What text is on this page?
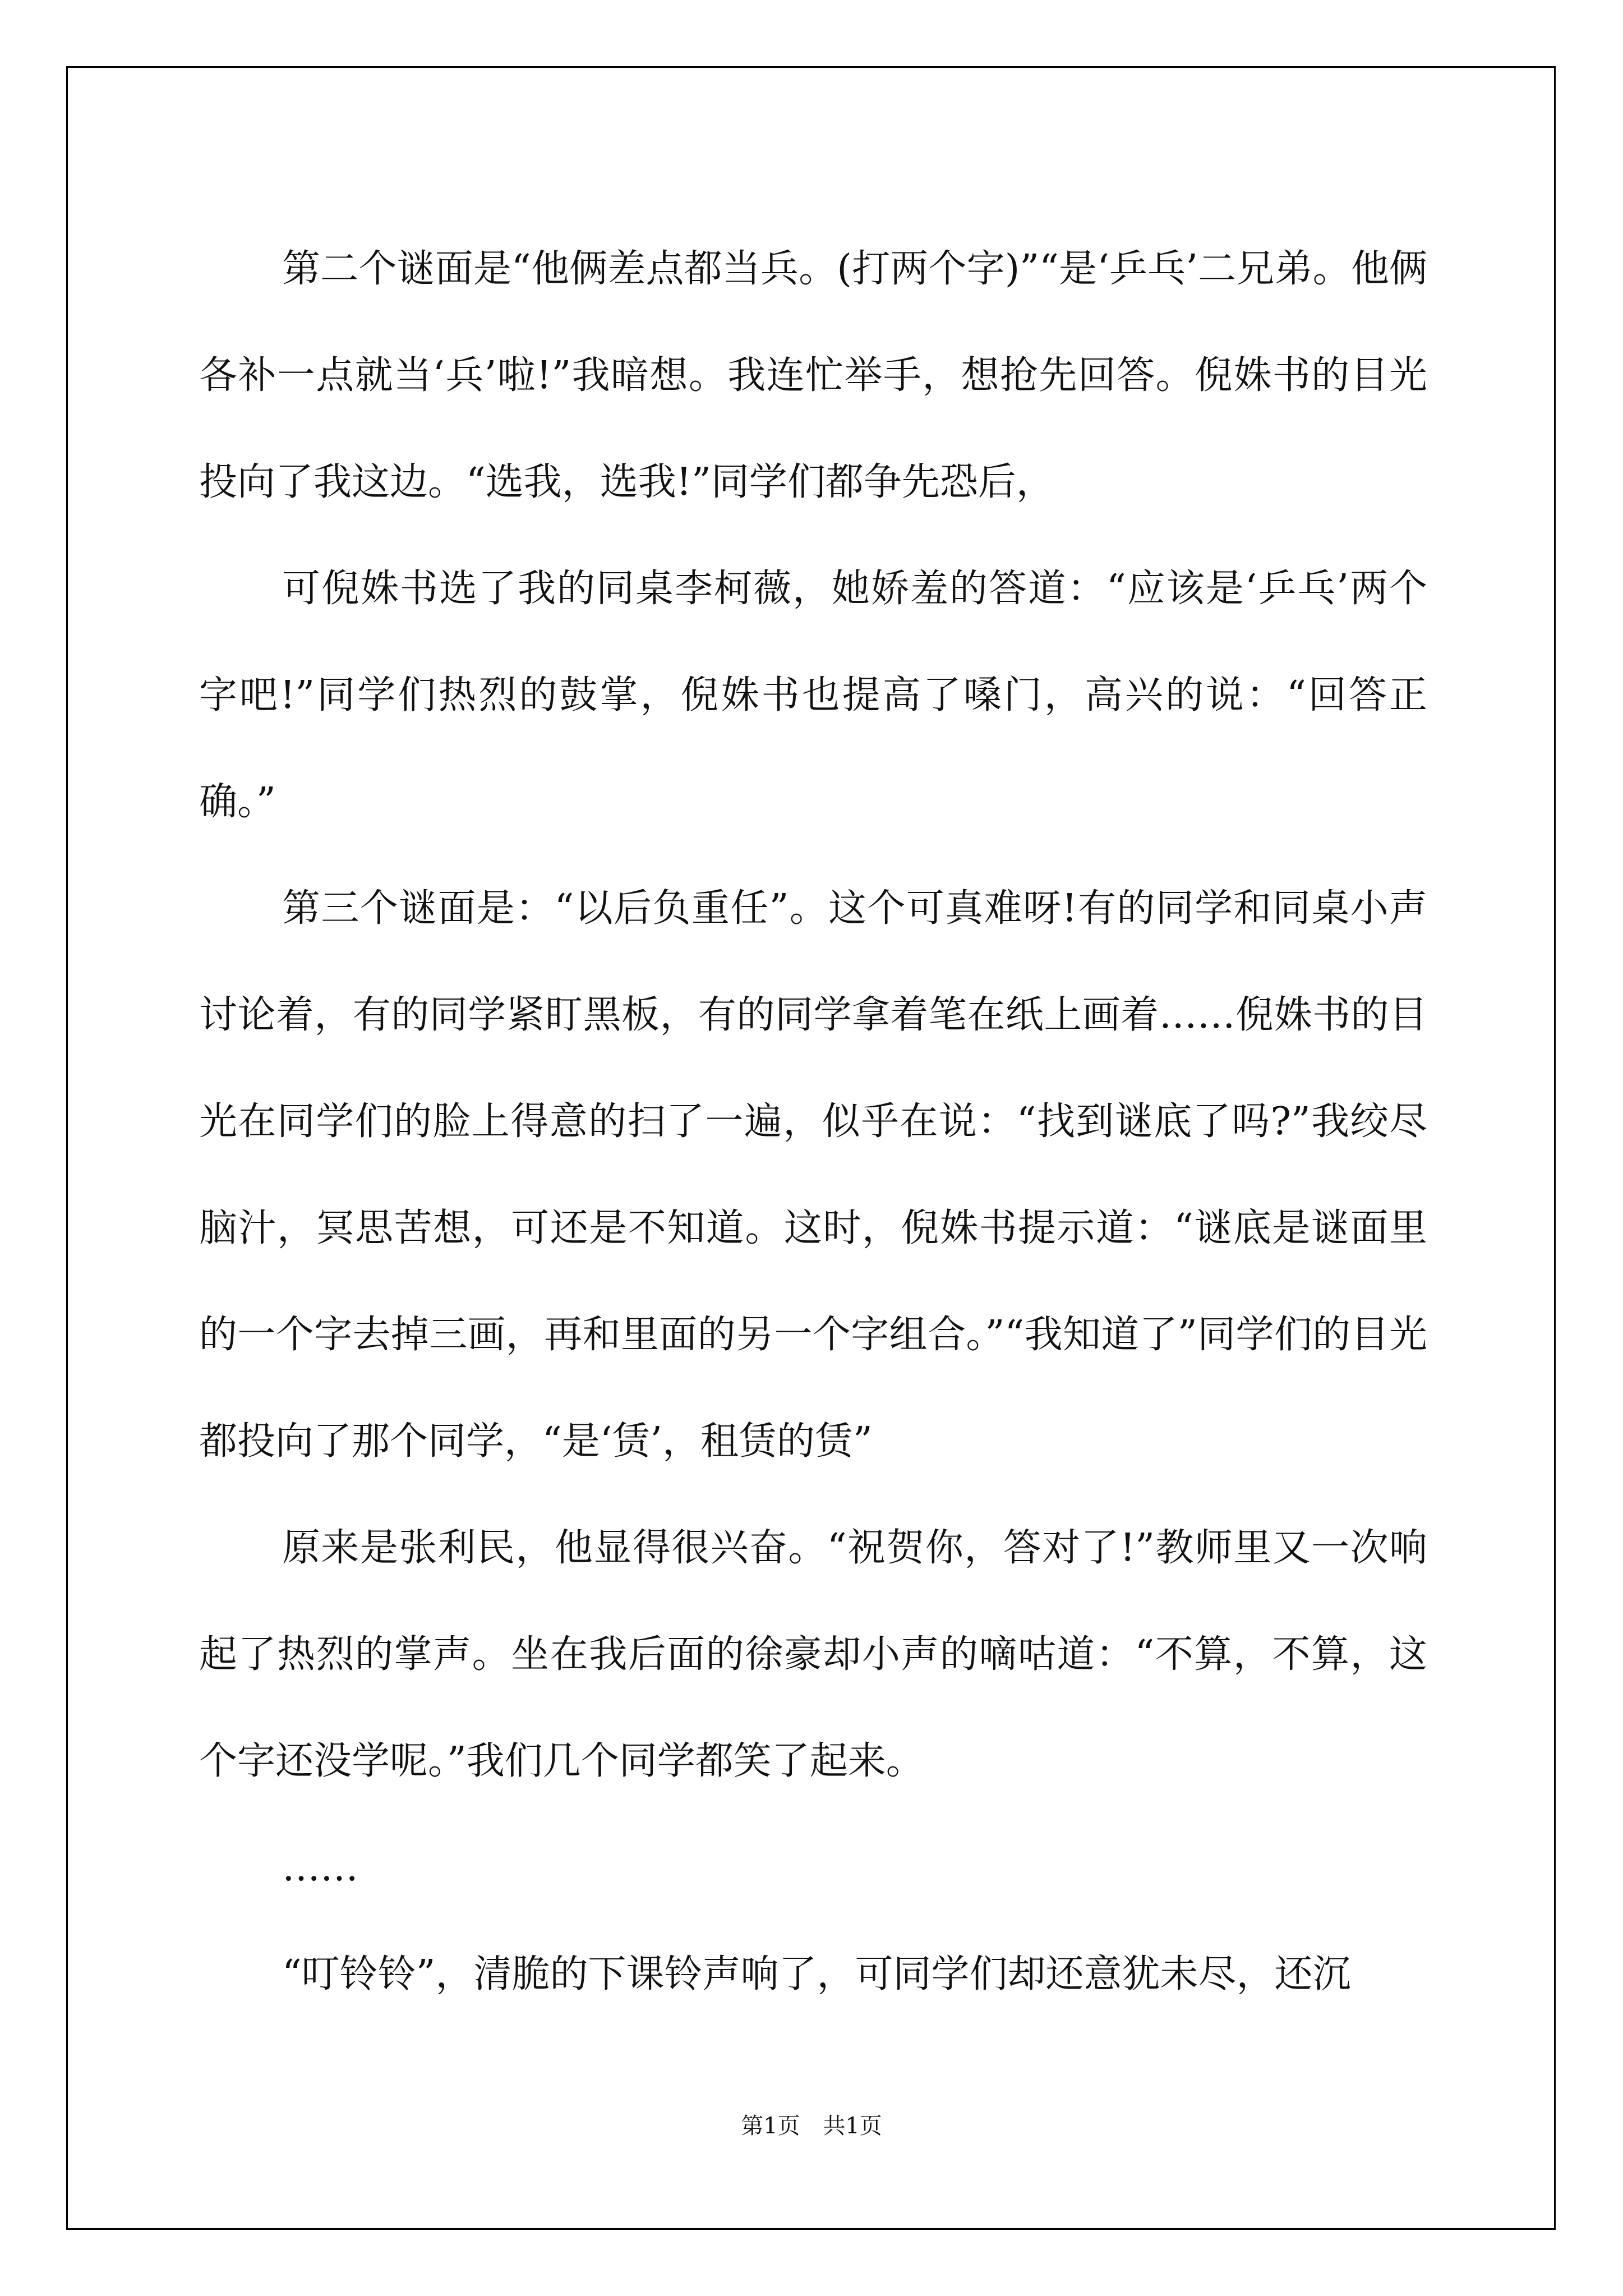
第二个谜面是“他俩差点都当兵。(打两个字)”“是‘乒乓’二兄弟。他俩各补一点就当‘兵’啦!”我暗想。我连忙举手，想抢先回答。倪姝书的目光投向了我这边。“选我，选我!”同学们都争先恐后，

可倪姝书选了我的同桌李柯薇，她娇羞的答道：“应该是‘乒乓’两个字吧!”同学们热烈的鼓掌，倪姝书也提高了嗓门，高兴的说：“回答正确。”

第三个谜面是：“以后负重任”。这个可真难呀!有的同学和同桌小声讨论着，有的同学紧盯黑板，有的同学拿着笔在纸上画着……倪姝书的目光在同学们的脸上得意的扫了一遍，似乎在说：“找到谜底了吗?”我绞尽脑汁，冥思苦想，可还是不知道。这时，倪姝书提示道：“谜底是谜面里的一个字去掉三画，再和里面的另一个字组合。”“我知道了”同学们的目光都投向了那个同学，“是‘赁’，租赁的赁”

原来是张利民，他显得很兴奋。“祝贺你，答对了!”教师里又一次响起了热烈的掌声。坐在我后面的徐豪却小声的嘀咕道：“不算，不算，这个字还没学呢。”我们几个同学都笑了起来。

……

“叮铃铃”，清脆的下课铃声响了，可同学们却还意犹未尽，还沉

第1页 共1页
